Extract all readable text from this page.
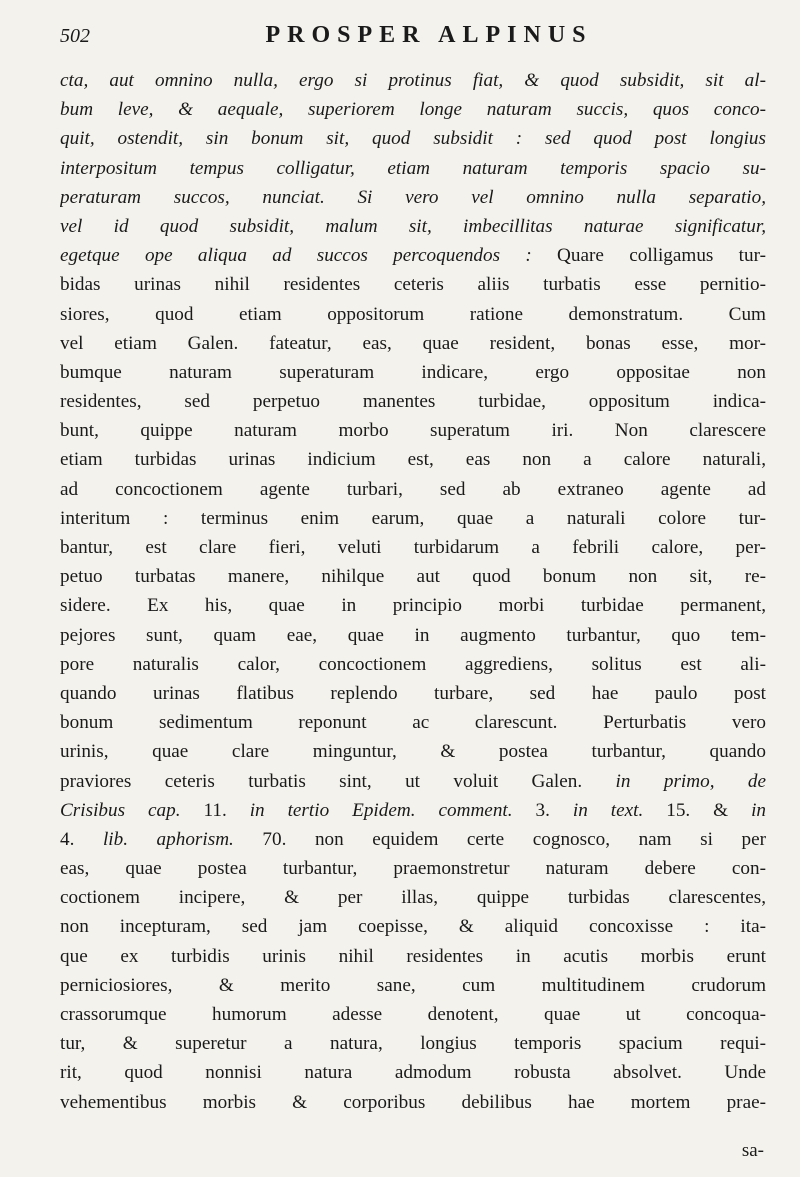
502	PROSPER ALPINUS
cta, aut omnino nulla, ergo si protinus fiat, & quod subsidit, sit al-
bum leve, & aequale, superiorem longe naturam succis, quos conco-
quit, ostendit, sin bonum sit, quod subsidit : sed quod post longius
interpositum tempus colligatur, etiam naturam temporis spacio su-
peraturam succos, nunciat. Si vero vel omnino nulla separatio,
vel id quod subsidit, malum sit, imbecillitas naturae significatur,
egetque ope aliqua ad succos percoquendos : Quare colligamus tur-
bidas urinas nihil residentes ceteris aliis turbatis esse pernitio-
siores, quod etiam oppositorum ratione demonstratum. Cum
vel etiam Galen. fateatur, eas, quae resident, bonas esse, mor-
bumque naturam superaturam indicare, ergo oppositae non
residentes, sed perpetuo manentes turbidae, oppositum indica-
bunt, quippe naturam morbo superatum iri. Non clarescere
etiam turbidas urinas indicium est, eas non a calore naturali,
ad concoctionem agente turbari, sed ab extraneo agente ad
interitum : terminus enim earum, quae a naturali colore tur-
bantur, est clare fieri, veluti turbidarum a febrili calore, per-
petuo turbatas manere, nihilque aut quod bonum non sit, re-
sidere. Ex his, quae in principio morbi turbidae permanent,
pejores sunt, quam eae, quae in augmento turbantur, quo tem-
pore naturalis calor, concoctionem aggrediens, solitus est ali-
quando urinas flatibus replendo turbare, sed hae paulo post
bonum sedimentum reponunt ac clarescunt. Perturbatis vero
urinis, quae clare minguntur, & postea turbantur, quando
praviores ceteris turbatis sint, ut voluit Galen. in primo, de
Crisibus cap. 11. in tertio Epidem. comment. 3. in text. 15. & in
4. lib. aphorism. 70. non equidem certe cognosco, nam si per
eas, quae postea turbantur, praemonstretur naturam debere con-
coctionem incipere, & per illas, quippe turbidas clarescentes,
non incepturam, sed jam coepisse, & aliquid concoxisse : ita-
que ex turbidis urinis nihil residentes in acutis morbis erunt
perniciosiores, & merito sane, cum multitudinem crudorum
crassorumque humorum adesse denotent, quae ut concoqua-
tur, & superetur a natura, longius temporis spacium requi-
rit, quod nonnisi natura admodum robusta absolvet. Unde
vehementibus morbis & corporibus debilibus hae mortem prae-
sa-
